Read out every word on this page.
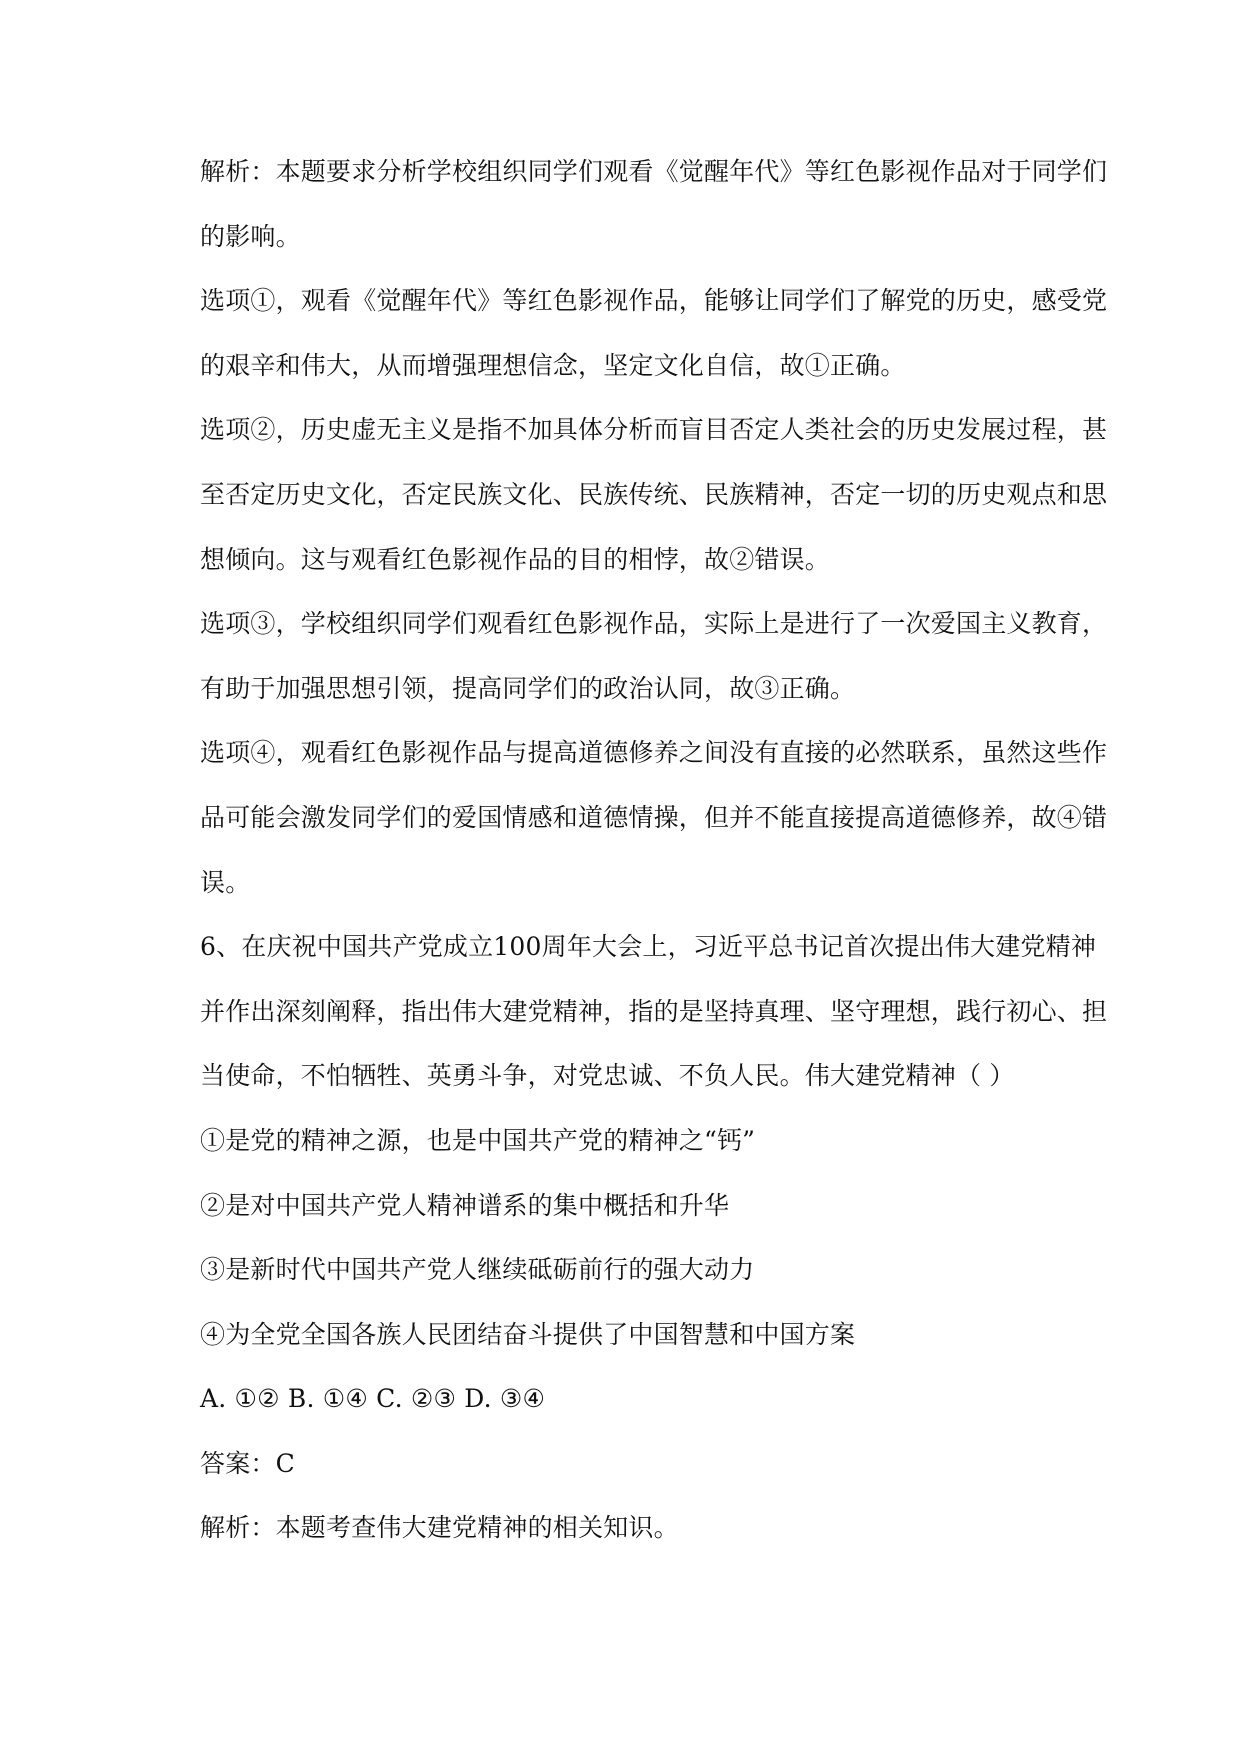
解析：本题要求分析学校组织同学们观看《觉醒年代》等红色影视作品对于同学们
的影响。
选项①，观看《觉醒年代》等红色影视作品，能够让同学们了解党的历史，感受党
的艰辛和伟大，从而增强理想信念，坚定文化自信，故①正确。
选项②，历史虚无主义是指不加具体分析而盲目否定人类社会的历史发展过程，甚
至否定历史文化，否定民族文化、民族传统、民族精神，否定一切的历史观点和思
想倾向。这与观看红色影视作品的目的相悖，故②错误。
选项③，学校组织同学们观看红色影视作品，实际上是进行了一次爱国主义教育，
有助于加强思想引领，提高同学们的政治认同，故③正确。
选项④，观看红色影视作品与提高道德修养之间没有直接的必然联系，虽然这些作
品可能会激发同学们的爱国情感和道德情操，但并不能直接提高道德修养，故④错
误。
6、在庆祝中国共产党成立100周年大会上，习近平总书记首次提出伟大建党精神
并作出深刻阐释，指出伟大建党精神，指的是坚持真理、坚守理想，践行初心、担
当使命，不怕牺牲、英勇斗争，对党忠诚、不负人民。伟大建党精神（ ）
①是党的精神之源，也是中国共产党的精神之“钙”
②是对中国共产党人精神谱系的集中概括和升华
③是新时代中国共产党人继续砥砺前行的强大动力
④为全党全国各族人民团结奋斗提供了中国智慧和中国方案
A. ①② B. ①④ C. ②③ D. ③④
答案：C
解析：本题考查伟大建党精神的相关知识。
